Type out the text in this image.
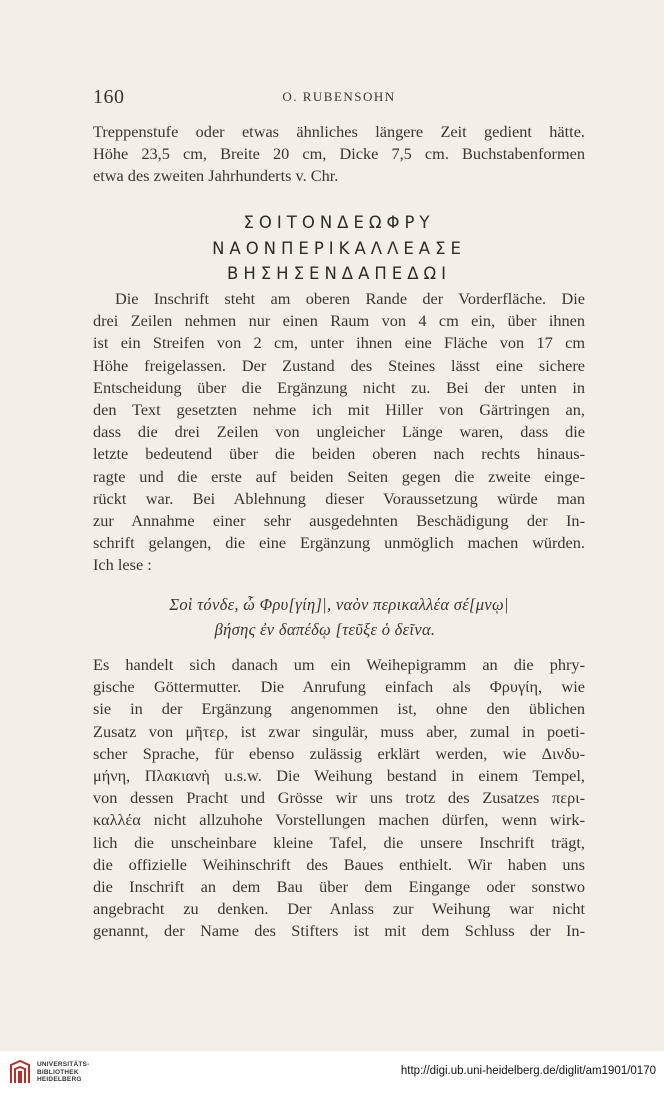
160	O. RUBENSOHN

Treppenstufe oder etwas ähnliches längere Zeit gedient hätte.
Höhe 23,5 cm, Breite 20 cm, Dicke 7,5 cm. Buchstabenformen
etwa des zweiten Jahrhunderts v. Chr.

ΣΟΙΤΟΝΔΕΩΦΡΥ
ΝΑΟΝΠΕΡΙΚΑΛΛΕΑΣΕ
ΒΗΣΗΣΕΝΔΑΠΕΔΩΙ

Die Inschrift steht am oberen Rande der Vorderfläche. Die
drei Zeilen nehmen nur einen Raum von 4 cm ein, über ihnen
ist ein Streifen von 2 cm, unter ihnen eine Fläche von 17 cm
Höhe freigelassen. Der Zustand des Steines lässt eine sichere
Entscheidung über die Ergänzung nicht zu. Bei der unten in
den Text gesetzten nehme ich mit Hiller von Gärtringen an,
dass die drei Zeilen von ungleicher Länge waren, dass die
letzte bedeutend über die beiden oberen nach rechts hinaus-
ragte und die erste auf beiden Seiten gegen die zweite einge-
rückt war. Bei Ablehnung dieser Voraussetzung würde man
zur Annahme einer sehr ausgedehnten Beschädigung der In-
schrift gelangen, die eine Ergänzung unmöglich machen würden.
Ich lese :

Σοὶ τόνδε, ὦ Φρυ[γίη]|, ναὸν περικαλλέα σέ[μνῳ|
βήσης ἐν δαπέδῳ [τεῦξε ὁ δεῖνα.

Es handelt sich danach um ein Weihepigramm an die phry-
gische Göttermutter. Die Anrufung einfach als Φρυγίη, wie
sie in der Ergänzung angenommen ist, ohne den üblichen
Zusatz von μῆτερ, ist zwar singulär, muss aber, zumal in poeti-
scher Sprache, für ebenso zulässig erklärt werden, wie Δινδυ-
μήνη, Πλακιανὴ u.s.w. Die Weihung bestand in einem Tempel,
von dessen Pracht und Grösse wir uns trotz des Zusatzes περι-
καλλέα nicht allzuhohe Vorstellungen machen dürfen, wenn wirk-
lich die unscheinbare kleine Tafel, die unsere Inschrift trägt,
die offizielle Weihinschrift des Baues enthielt. Wir haben uns
die Inschrift an dem Bau über dem Eingange oder sonstwo
angebracht zu denken. Der Anlass zur Weihung war nicht
genannt, der Name des Stifters ist mit dem Schluss der In-

UNIVERSITÄTS-
BIBLIOTHEK
HEIDELBERG
http://digi.ub.uni-heidelberg.de/diglit/am1901/0170
